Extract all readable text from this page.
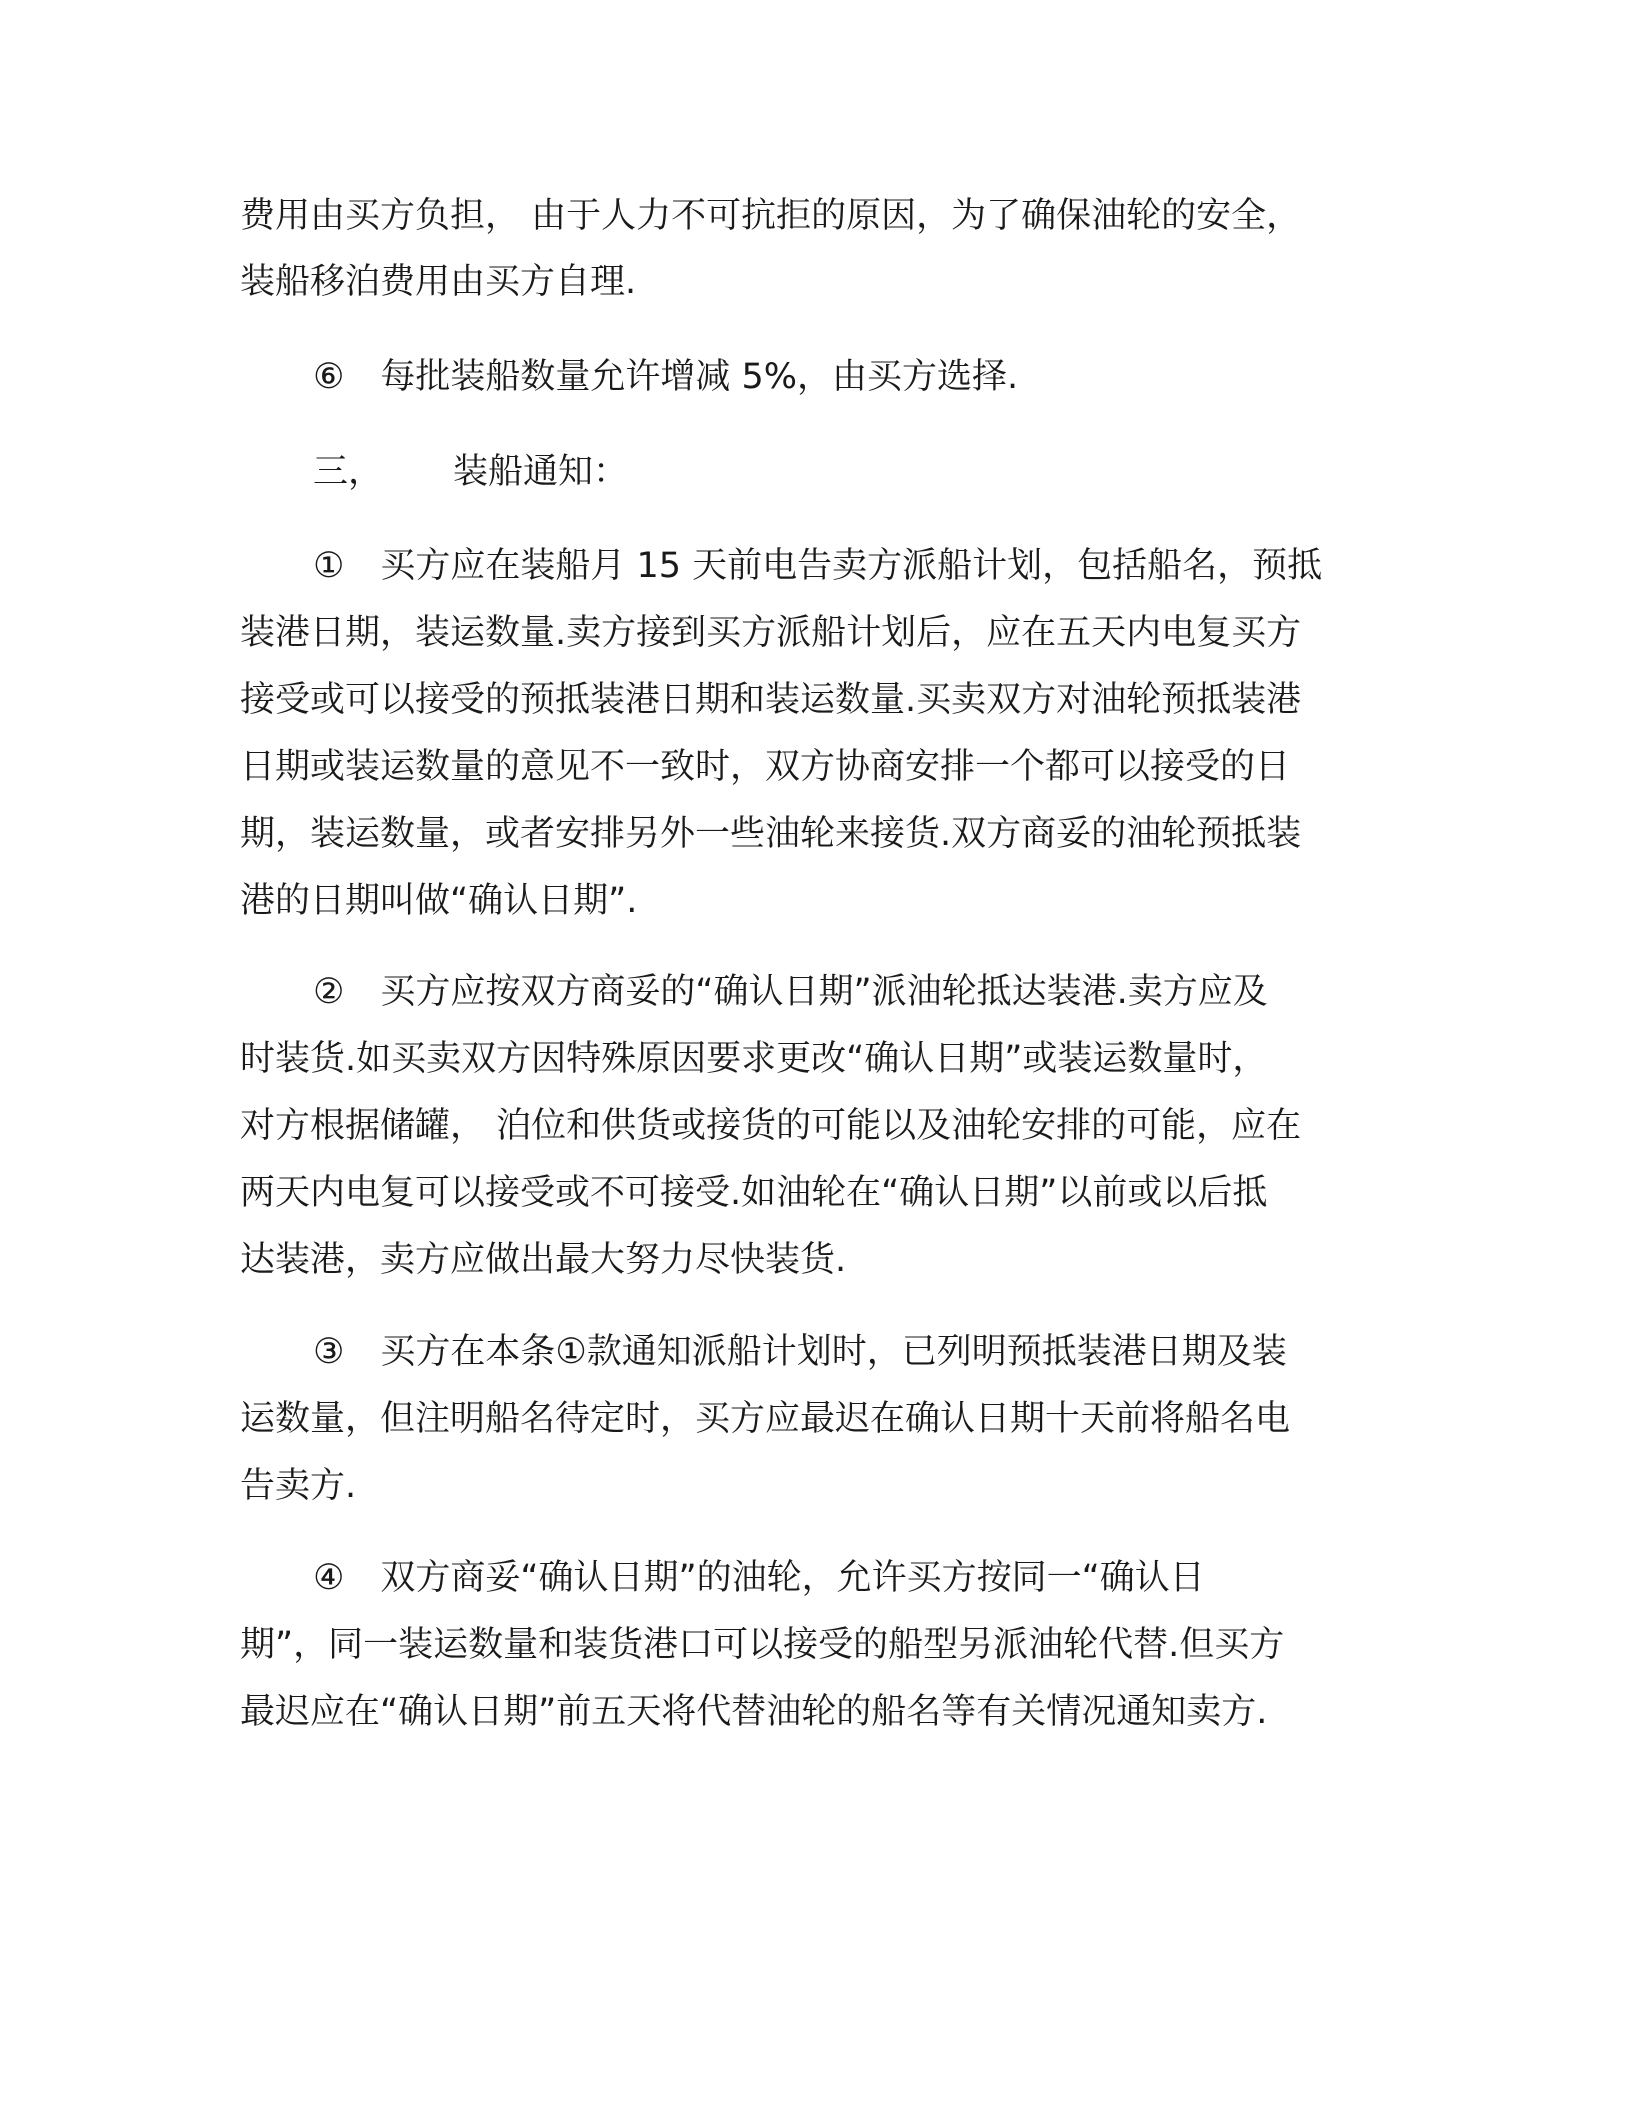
费用由买方负担， 由于人力不可抗拒的原因，为了确保油轮的安全，
装船移泊费用由买方自理.
⑥ 每批装船数量允许增减 5%，由买方选择.
三， 装船通知：
① 买方应在装船月 15 天前电告卖方派船计划，包括船名，预抵
装港日期，装运数量.卖方接到买方派船计划后，应在五天内电复买方
接受或可以接受的预抵装港日期和装运数量.买卖双方对油轮预抵装港
日期或装运数量的意见不一致时，双方协商安排一个都可以接受的日
期，装运数量，或者安排另外一些油轮来接货.双方商妥的油轮预抵装
港的日期叫做“确认日期”.
② 买方应按双方商妥的“确认日期”派油轮抵达装港.卖方应及
时装货.如买卖双方因特殊原因要求更改“确认日期”或装运数量时，
对方根据储罐， 泊位和供货或接货的可能以及油轮安排的可能，应在
两天内电复可以接受或不可接受.如油轮在“确认日期”以前或以后抵
达装港，卖方应做出最大努力尽快装货.
③ 买方在本条①款通知派船计划时，已列明预抵装港日期及装
运数量，但注明船名待定时，买方应最迟在确认日期十天前将船名电
告卖方.
④ 双方商妥“确认日期”的油轮，允许买方按同一“确认日
期”，同一装运数量和装货港口可以接受的船型另派油轮代替.但买方
最迟应在“确认日期”前五天将代替油轮的船名等有关情况通知卖方.
